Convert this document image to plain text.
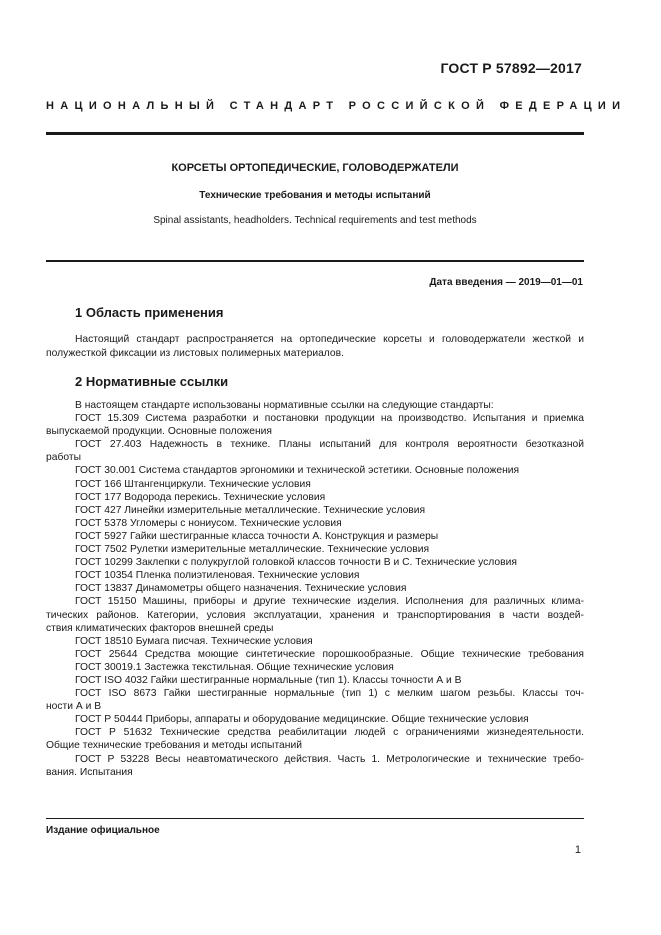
ГОСТ Р 57892—2017
НАЦИОНАЛЬНЫЙ СТАНДАРТ РОССИЙСКОЙ ФЕДЕРАЦИИ
КОРСЕТЫ ОРТОПЕДИЧЕСКИЕ, ГОЛОВОДЕРЖАТЕЛИ
Технические требования и методы испытаний
Spinal assistants, headholders. Technical requirements and test methods
Дата введения — 2019—01—01
1 Область применения
Настоящий стандарт распространяется на ортопедические корсеты и головодержатели жесткой и
полужесткой фиксации из листовых полимерных материалов.
2 Нормативные ссылки
В настоящем стандарте использованы нормативные ссылки на следующие стандарты:
ГОСТ 15.309 Система разработки и постановки продукции на производство. Испытания и приемка
выпускаемой продукции. Основные положения
ГОСТ 27.403 Надежность в технике. Планы испытаний для контроля вероятности безотказной
работы
ГОСТ 30.001 Система стандартов эргономики и технической эстетики. Основные положения
ГОСТ 166 Штангенциркули. Технические условия
ГОСТ 177 Водорода перекись. Технические условия
ГОСТ 427 Линейки измерительные металлические. Технические условия
ГОСТ 5378 Угломеры с нониусом. Технические условия
ГОСТ 5927 Гайки шестигранные класса точности А. Конструкция и размеры
ГОСТ 7502 Рулетки измерительные металлические. Технические условия
ГОСТ 10299 Заклепки с полукруглой головкой классов точности В и С. Технические условия
ГОСТ 10354 Пленка полиэтиленовая. Технические условия
ГОСТ 13837 Динамометры общего назначения. Технические условия
ГОСТ 15150 Машины, приборы и другие технические изделия. Исполнения для различных клима-
тических районов. Категории, условия эксплуатации, хранения и транспортирования в части воздей-
ствия климатических факторов внешней среды
ГОСТ 18510 Бумага писчая. Технические условия
ГОСТ 25644 Средства моющие синтетические порошкообразные. Общие технические требования
ГОСТ 30019.1 Застежка текстильная. Общие технические условия
ГОСТ ISO 4032 Гайки шестигранные нормальные (тип 1). Классы точности А и В
ГОСТ ISO 8673 Гайки шестигранные нормальные (тип 1) с мелким шагом резьбы. Классы точ-
ности А и В
ГОСТ Р 50444 Приборы, аппараты и оборудование медицинские. Общие технические условия
ГОСТ Р 51632 Технические средства реабилитации людей с ограничениями жизнедеятельности.
Общие технические требования и методы испытаний
ГОСТ Р 53228 Весы неавтоматического действия. Часть 1. Метрологические и технические требо-
вания. Испытания
Издание официальное
1
